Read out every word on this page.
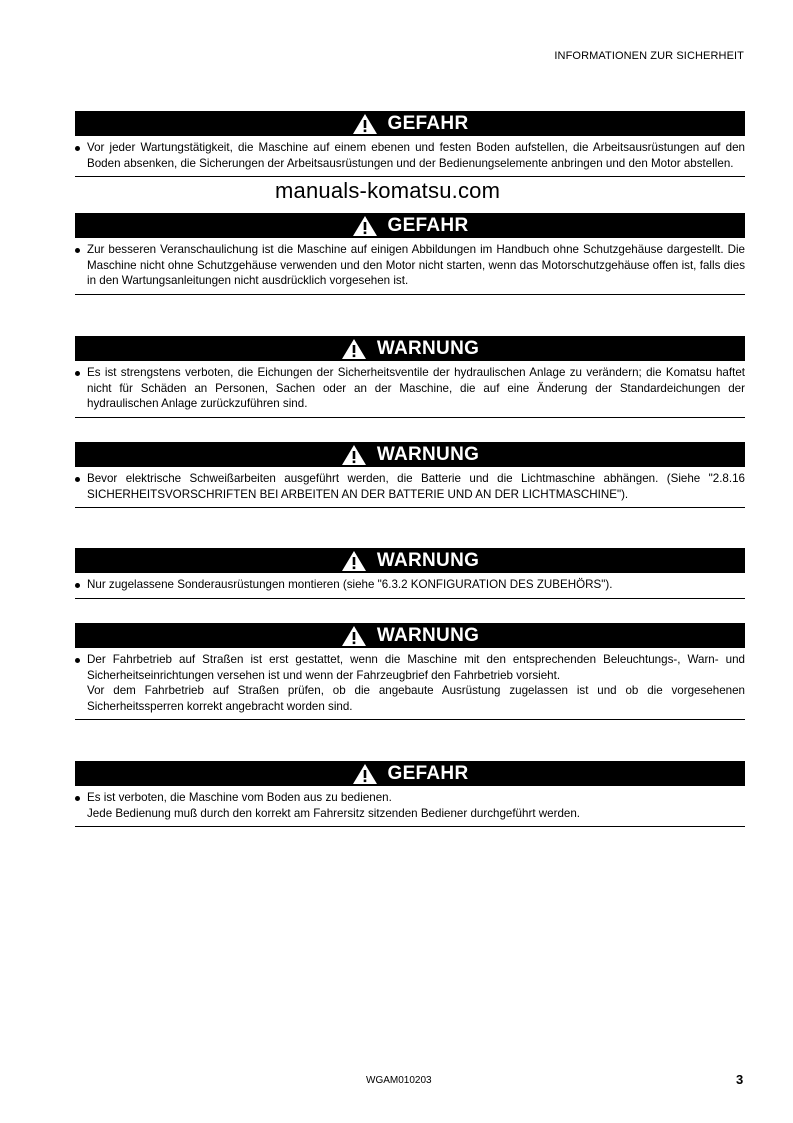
INFORMATIONEN ZUR SICHERHEIT
GEFAHR
Vor jeder Wartungstätigkeit, die Maschine auf einem ebenen und festen Boden aufstellen, die Arbeitsausrüstungen auf den Boden absenken, die Sicherungen der Arbeitsausrüstungen und der Bedienungselemente anbringen und den Motor abstellen.
GEFAHR
Zur besseren Veranschaulichung ist die Maschine auf einigen Abbildungen im Handbuch ohne Schutzgehäuse dargestellt. Die Maschine nicht ohne Schutzgehäuse verwenden und den Motor nicht starten, wenn das Motorschutzgehäuse offen ist, falls dies in den Wartungsanleitungen nicht ausdrücklich vorgesehen ist.
WARNUNG
Es ist strengstens verboten, die Eichungen der Sicherheitsventile der hydraulischen Anlage zu verändern; die Komatsu haftet nicht für Schäden an Personen, Sachen oder an der Maschine, die auf eine Änderung der Standardeichungen der hydraulischen Anlage zurückzuführen sind.
WARNUNG
Bevor elektrische Schweißarbeiten ausgeführt werden, die Batterie und die Lichtmaschine abhängen. (Siehe "2.8.16 SICHERHEITSVORSCHRIFTEN BEI ARBEITEN AN DER BATTERIE UND AN DER LICHTMASCHINE").
WARNUNG
Nur zugelassene Sonderausrüstungen montieren (siehe "6.3.2 KONFIGURATION DES ZUBEHÖRS").
WARNUNG
Der Fahrbetrieb auf Straßen ist erst gestattet, wenn die Maschine mit den entsprechenden Beleuchtungs-, Warn- und Sicherheitseinrichtungen versehen ist und wenn der Fahrzeugbrief den Fahrbetrieb vorsieht.
Vor dem Fahrbetrieb auf Straßen prüfen, ob die angebaute Ausrüstung zugelassen ist und ob die vorgesehenen Sicherheitssperren korrekt angebracht worden sind.
GEFAHR
Es ist verboten, die Maschine vom Boden aus zu bedienen.
Jede Bedienung muß durch den korrekt am Fahrersitz sitzenden Bediener durchgeführt werden.
manuals-komatsu.com
WGAM010203	3
